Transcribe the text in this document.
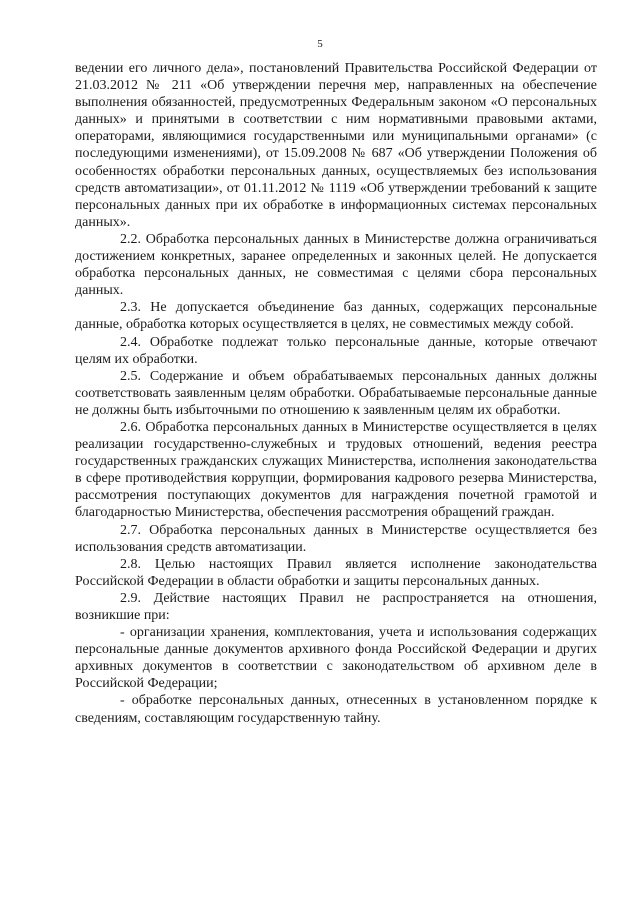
5

ведении его личного дела», постановлений Правительства Российской Федерации от 21.03.2012 № 211 «Об утверждении перечня мер, направленных на обеспечение выполнения обязанностей, предусмотренных Федеральным законом «О персональных данных» и принятыми в соответствии с ним нормативными правовыми актами, операторами, являющимися государственными или муниципальными органами» (с последующими изменениями), от 15.09.2008 № 687 «Об утверждении Положения об особенностях обработки персональных данных, осуществляемых без использования средств автоматизации», от 01.11.2012 № 1119 «Об утверждении требований к защите персональных данных при их обработке в информационных системах персональных данных».

2.2. Обработка персональных данных в Министерстве должна ограничиваться достижением конкретных, заранее определенных и законных целей. Не допускается обработка персональных данных, не совместимая с целями сбора персональных данных.

2.3. Не допускается объединение баз данных, содержащих персональные данные, обработка которых осуществляется в целях, не совместимых между собой.

2.4. Обработке подлежат только персональные данные, которые отвечают целям их обработки.

2.5. Содержание и объем обрабатываемых персональных данных должны соответствовать заявленным целям обработки. Обрабатываемые персональные данные не должны быть избыточными по отношению к заявленным целям их обработки.

2.6. Обработка персональных данных в Министерстве осуществляется в целях реализации государственно-служебных и трудовых отношений, ведения реестра государственных гражданских служащих Министерства, исполнения законодательства в сфере противодействия коррупции, формирования кадрового резерва Министерства, рассмотрения поступающих документов для награждения почетной грамотой и благодарностью Министерства, обеспечения рассмотрения обращений граждан.

2.7. Обработка персональных данных в Министерстве осуществляется без использования средств автоматизации.

2.8. Целью настоящих Правил является исполнение законодательства Российской Федерации в области обработки и защиты персональных данных.

2.9. Действие настоящих Правил не распространяется на отношения, возникшие при:

- организации хранения, комплектования, учета и использования содержащих персональные данные документов архивного фонда Российской Федерации и других архивных документов в соответствии с законодательством об архивном деле в Российской Федерации;

- обработке персональных данных, отнесенных в установленном порядке к сведениям, составляющим государственную тайну.
